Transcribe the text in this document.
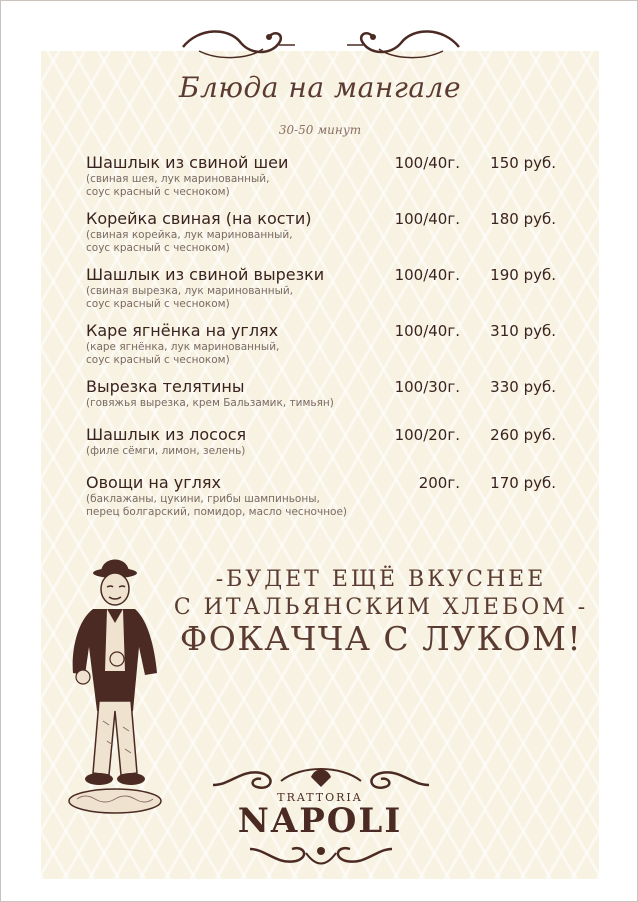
Блюда на мангале
30-50 минут
Шашлык из свиной шеи
(свиная шея, лук маринованный,
соус красный с чесноком)
100/40г. 150 руб.
Корейка свиная (на кости)
(свиная корейка, лук маринованный,
соус красный с чесноком)
100/40г. 180 руб.
Шашлык из свиной вырезки
(свиная вырезка, лук маринованный,
соус красный с чесноком)
100/40г. 190 руб.
Каре ягнёнка на углях
(каре ягнёнка, лук маринованный,
соус красный с чесноком)
100/40г. 310 руб.
Вырезка телятины
(говяжья вырезка, крем Бальзамик, тимьян)
100/30г. 330 руб.
Шашлык из лосося
(филе сёмги, лимон, зелень)
100/20г. 260 руб.
Овощи на углях
(баклажаны, цукини, грибы шампиньоны,
перец болгарский, помидор, масло чесночное)
200г. 170 руб.
-БУДЕТ ЕЩЁ ВКУСНЕЕ
С ИТАЛЬЯНСКИМ ХЛЕБОМ -
ФОКАЧЧА С ЛУКОМ!
TRATTORIA
NAPOLI
